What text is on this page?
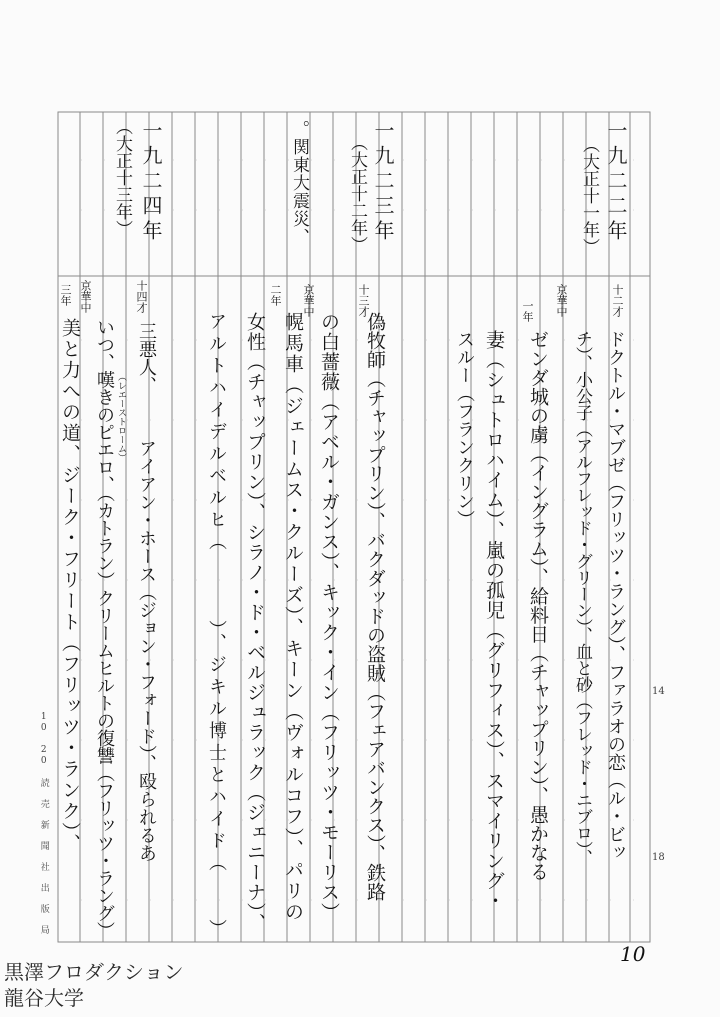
一九二二年
（大正十一年）
。関東大震災、	一九二三年
（大正十二年）
一九二四年
（大正十三年）
十二才
京華中
一年
十三才
京華中
二年
十四才
京華中
三年
ドクトル・マブゼ（フリッツ・ラング）、ファラオの恋（ル・ビッ
チ）、小公子（アルフレッド・グリーン）、血と砂（フレッド・ニブロ）、
ゼンダ城の虜（イングラム）、給料日（チャップリン）、愚かなる
妻（シュトロハイム）、嵐の孤児（グリフィス）、スマイリング・
スルー（フランクリン）
偽牧師（チャップリン）、バクダッドの盗賊（フェアバンクス）、鉄路
の白薔薇（アベル・ガンス）、キック・イン（フリッツ・モーリス）
幌馬車（ジェームス・クルーズ）、キーン（ヴォルコフ）、パリの
女性（チャップリン）、シラノ・ド・ベルジュラック（ジェニーナ）、
アルトハイデルベルヒ（　　　）、ジキル博士とハイド（　　）
三悪人、　　　アイアン・ホース（ジョン・フォード）、殴られるあ
（レエーストローム）
いつ、嘆きのピエロ、（カトラン）クリームヒルトの復讐（フリッツ・ラング）
美と力への道、ジーク・フリート（フリッツ・ランク）、
10 20 読 売 新 聞 社 出 版 局
14
18
10
黒澤フロダクション
龍谷大学
